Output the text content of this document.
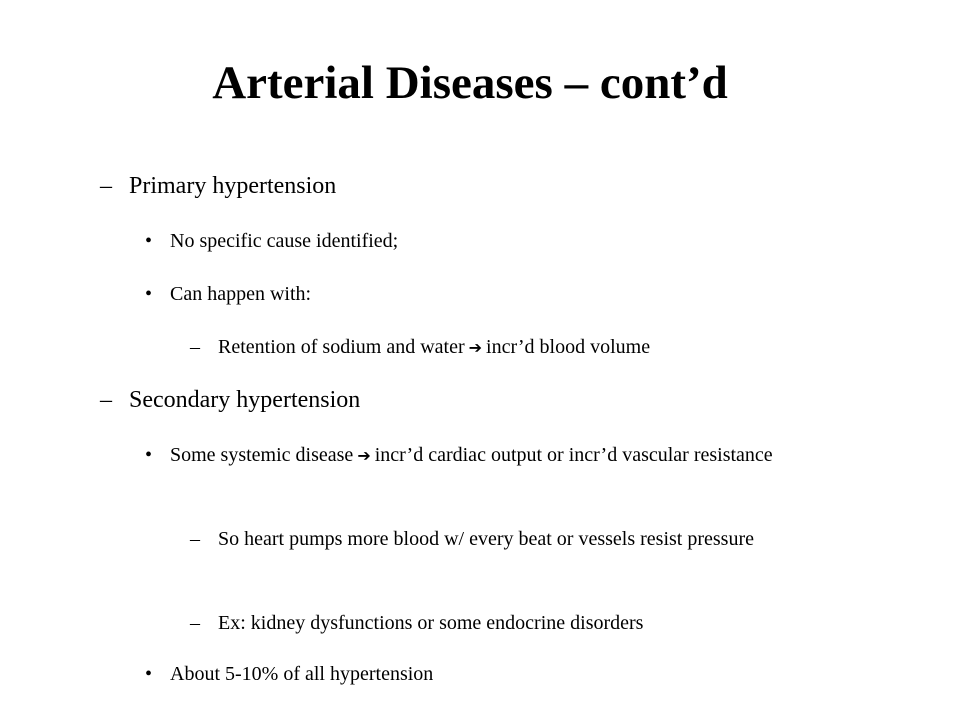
Arterial Diseases – cont’d
– Primary hypertension
• No specific cause identified;
• Can happen with:
– Retention of sodium and water ➔ incr’d blood volume
– Secondary hypertension
• Some systemic disease ➔ incr’d cardiac output or incr’d vascular resistance
– So heart pumps more blood w/ every beat or vessels resist pressure
– Ex: kidney dysfunctions or some endocrine disorders
• About 5-10% of all hypertension
